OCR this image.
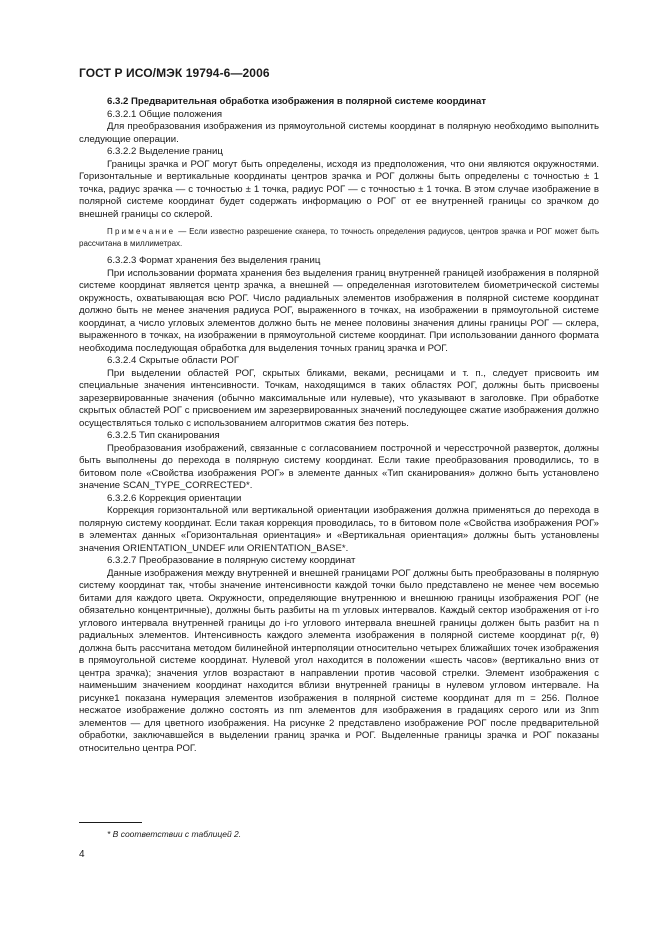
ГОСТ Р ИСО/МЭК 19794-6—2006

6.3.2 Предварительная обработка изображения в полярной системе координат

6.3.2.1 Общие положения

Для преобразования изображения из прямоугольной системы координат в полярную необходимо выполнить следующие операции.

6.3.2.2 Выделение границ

Границы зрачка и РОГ могут быть определены, исходя из предположения, что они являются окружностями. Горизонтальные и вертикальные координаты центров зрачка и РОГ должны быть определены с точностью ± 1 точка, радиус зрачка — с точностью ± 1 точка, радиус РОГ — с точностью ± 1 точка. В этом случае изображение в полярной системе координат будет содержать информацию о РОГ от ее внутренней границы со зрачком до внешней границы со склерой.

Примечание — Если известно разрешение сканера, то точность определения радиусов, центров зрачка и РОГ может быть рассчитана в миллиметрах.

6.3.2.3 Формат хранения без выделения границ

При использовании формата хранения без выделения границ внутренней границей изображения в полярной системе координат является центр зрачка, а внешней — определенная изготовителем биометрической системы окружность, охватывающая всю РОГ. Число радиальных элементов изображения в полярной системе координат должно быть не менее значения радиуса РОГ, выраженного в точках, на изображении в прямоугольной системе координат, а число угловых элементов должно быть не менее половины значения длины границы РОГ — склера, выраженного в точках, на изображении в прямоугольной системе координат. При использовании данного формата необходима последующая обработка для выделения точных границ зрачка и РОГ.

6.3.2.4 Скрытые области РОГ

При выделении областей РОГ, скрытых бликами, веками, ресницами и т. п., следует присвоить им специальные значения интенсивности. Точкам, находящимся в таких областях РОГ, должны быть присвоены зарезервированные значения (обычно максимальные или нулевые), что указывают в заголовке. При обработке скрытых областей РОГ с присвоением им зарезервированных значений последующее сжатие изображения должно осуществляться только с использованием алгоритмов сжатия без потерь.

6.3.2.5 Тип сканирования

Преобразования изображений, связанные с согласованием построчной и чересстрочной разверток, должны быть выполнены до перехода в полярную систему координат. Если такие преобразования проводились, то в битовом поле «Свойства изображения РОГ» в элементе данных «Тип сканирования» должно быть установлено значение SCAN_TYPE_CORRECTED*.

6.3.2.6 Коррекция ориентации

Коррекция горизонтальной или вертикальной ориентации изображения должна применяться до перехода в полярную систему координат. Если такая коррекция проводилась, то в битовом поле «Свойства изображения РОГ» в элементах данных «Горизонтальная ориентация» и «Вертикальная ориентация» должны быть установлены значения ORIENTATION_UNDEF или ORIENTATION_BASE*.

6.3.2.7 Преобразование в полярную систему координат

Данные изображения между внутренней и внешней границами РОГ должны быть преобразованы в полярную систему координат так, чтобы значение интенсивности каждой точки было представлено не менее чем восемью битами для каждого цвета. Окружности, определяющие внутреннюю и внешнюю границы изображения РОГ (не обязательно концентричные), должны быть разбиты на m угловых интервалов. Каждый сектор изображения от i-го углового интервала внутренней границы до i-го углового интервала внешней границы должен быть разбит на n радиальных элементов. Интенсивность каждого элемента изображения в полярной системе координат p(r, θ) должна быть рассчитана методом билинейной интерполяции относительно четырех ближайших точек изображения в прямоугольной системе координат. Нулевой угол находится в положении «шесть часов» (вертикально вниз от центра зрачка); значения углов возрастают в направлении против часовой стрелки. Элемент изображения с наименьшим значением координат находится вблизи внутренней границы в нулевом угловом интервале. На рисунке1 показана нумерация элементов изображения в полярной системе координат для m = 256. Полное несжатое изображение должно состоять из nm элементов для изображения в градациях серого или из 3nm элементов — для цветного изображения. На рисунке 2 представлено изображение РОГ после предварительной обработки, заключавшейся в выделении границ зрачка и РОГ. Выделенные границы зрачка и РОГ показаны относительно центра РОГ.

* В соответствии с таблицей 2.
4
